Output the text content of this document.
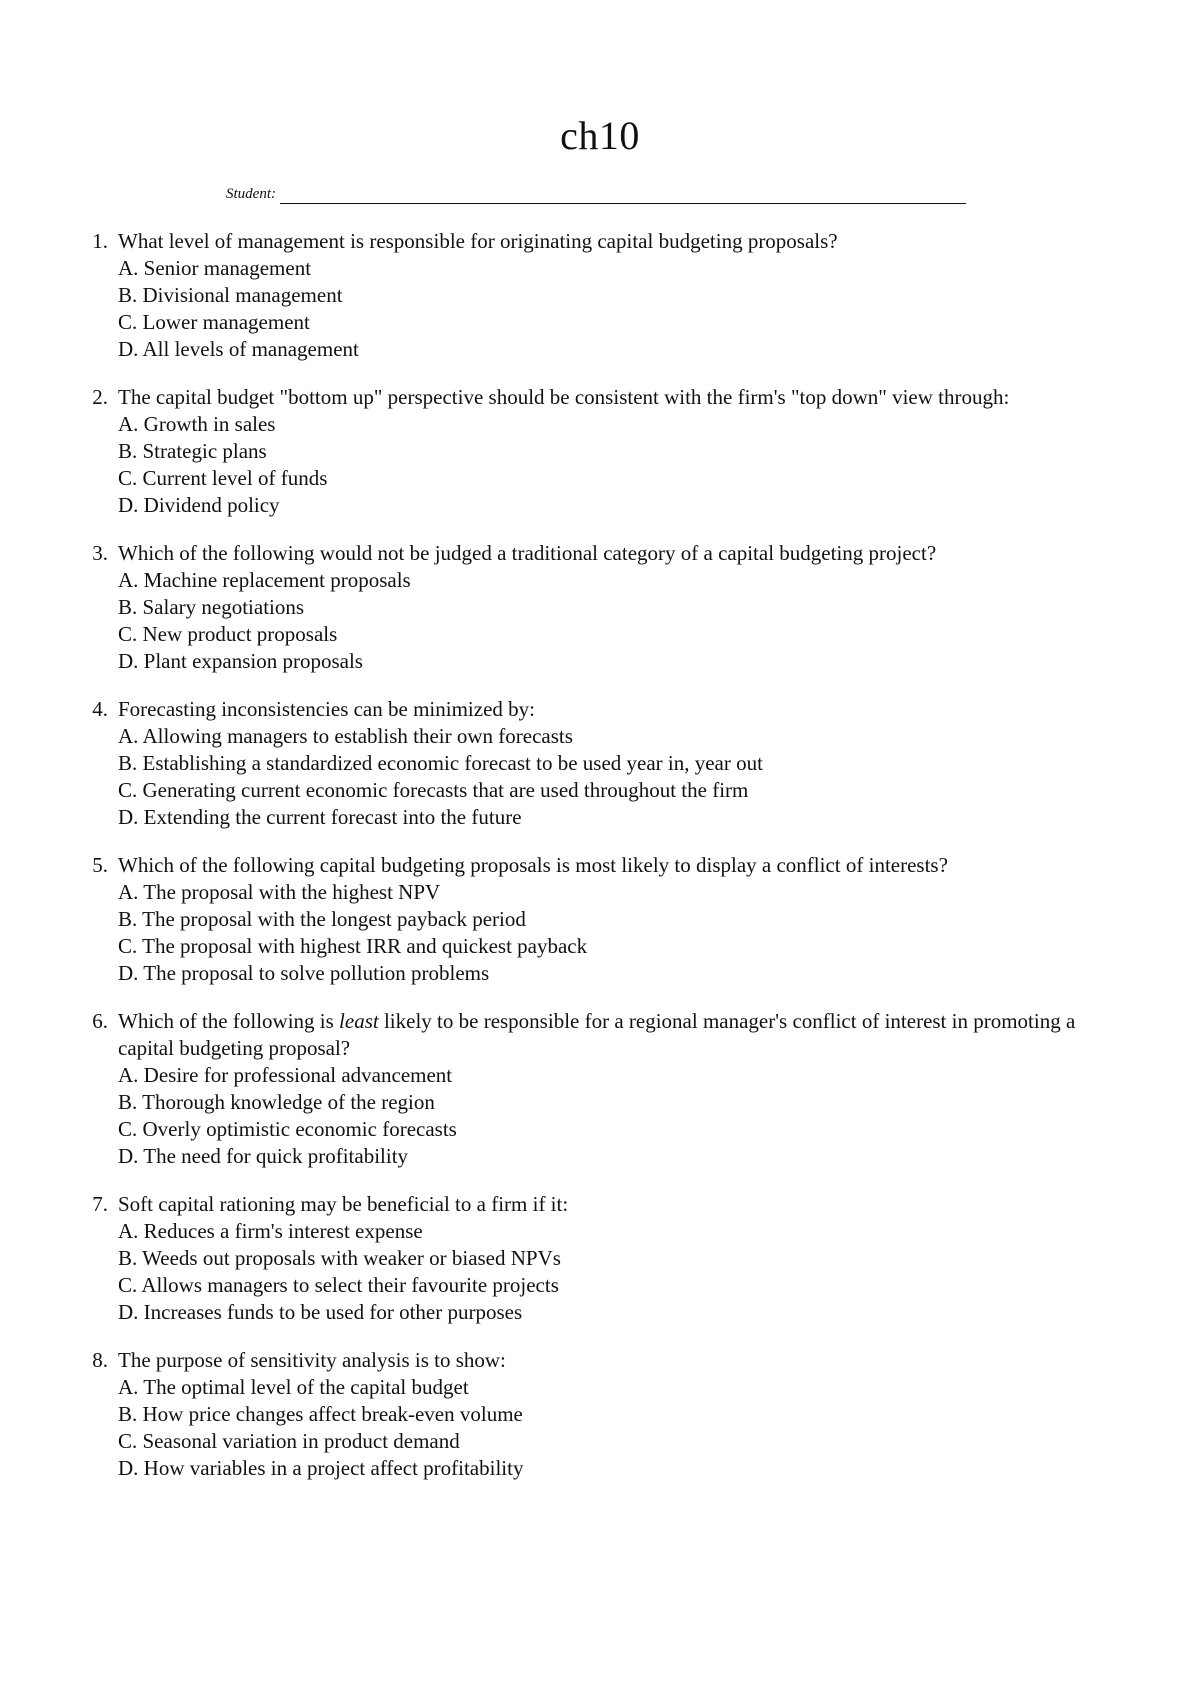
ch10
Student:
1. What level of management is responsible for originating capital budgeting proposals?

A. Senior management
B. Divisional management
C. Lower management
D. All levels of management
2. The capital budget "bottom up" perspective should be consistent with the firm's "top down" view through:

A. Growth in sales
B. Strategic plans
C. Current level of funds
D. Dividend policy
3. Which of the following would not be judged a traditional category of a capital budgeting project?

A. Machine replacement proposals
B. Salary negotiations
C. New product proposals
D. Plant expansion proposals
4. Forecasting inconsistencies can be minimized by:

A. Allowing managers to establish their own forecasts
B. Establishing a standardized economic forecast to be used year in, year out
C. Generating current economic forecasts that are used throughout the firm
D. Extending the current forecast into the future
5. Which of the following capital budgeting proposals is most likely to display a conflict of interests?

A. The proposal with the highest NPV
B. The proposal with the longest payback period
C. The proposal with highest IRR and quickest payback
D. The proposal to solve pollution problems
6. Which of the following is least likely to be responsible for a regional manager's conflict of interest in promoting a capital budgeting proposal?

A. Desire for professional advancement
B. Thorough knowledge of the region
C. Overly optimistic economic forecasts
D. The need for quick profitability
7. Soft capital rationing may be beneficial to a firm if it:

A. Reduces a firm's interest expense
B. Weeds out proposals with weaker or biased NPVs
C. Allows managers to select their favourite projects
D. Increases funds to be used for other purposes
8. The purpose of sensitivity analysis is to show:

A. The optimal level of the capital budget
B. How price changes affect break-even volume
C. Seasonal variation in product demand
D. How variables in a project affect profitability
